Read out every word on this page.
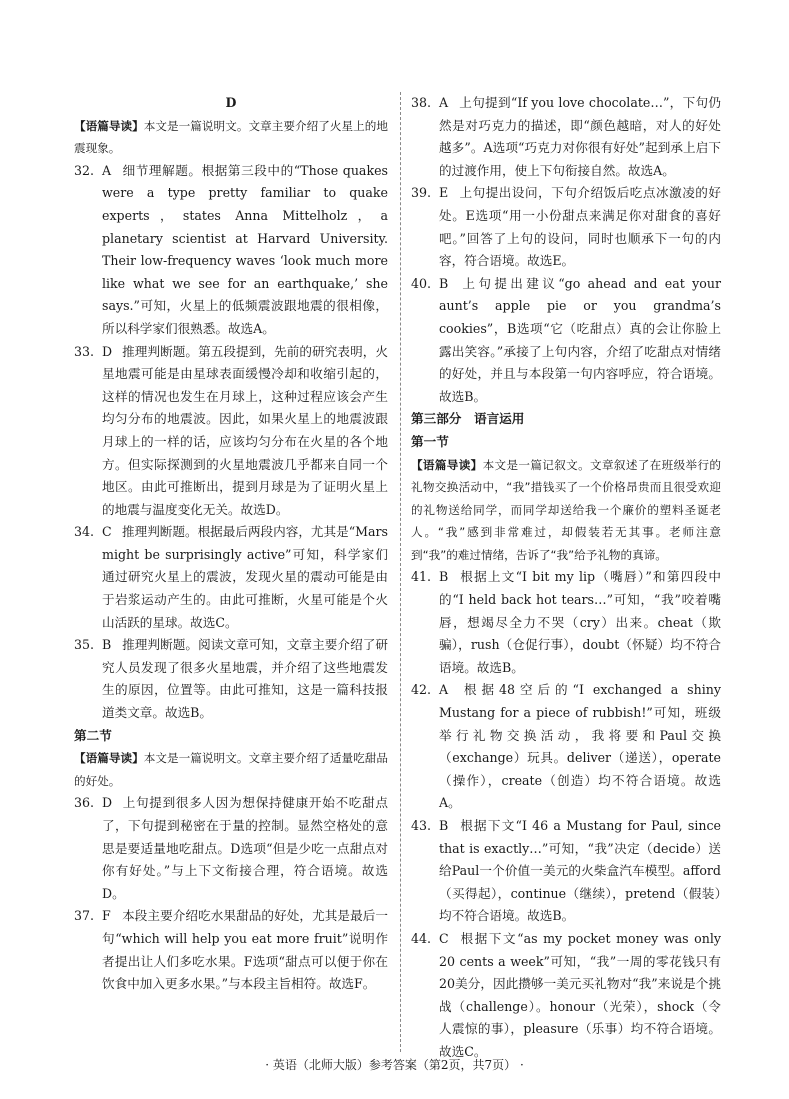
D

【语篇导读】本文是一篇说明文。文章主要介绍了火星上的地震现象。

32. A 细节理解题。根据第三段中的“Those quakes were a type pretty familiar to quake experts，states Anna Mittelholz，a planetary scientist at Harvard University. Their low-frequency waves ‘look much more like what we see for an earthquake,’ she says.”可知，火星上的低频震波跟地震的很相像，所以科学家们很熟悉。故选A。

33. D 推理判断题。第五段提到，先前的研究表明，火星地震可能是由星球表面缓慢冷却和收缩引起的，这样的情况也发生在月球上，这种过程应该会产生均匀分布的地震波。因此，如果火星上的地震波跟月球上的一样的话，应该均匀分布在火星的各个地方。但实际探测到的火星地震波几乎都来自同一个地区。由此可推断出，提到月球是为了证明火星上的地震与温度变化无关。故选D。

34. C 推理判断题。根据最后两段内容，尤其是“Mars might be surprisingly active”可知，科学家们通过研究火星上的震波，发现火星的震动可能是由于岩浆运动产生的。由此可推断，火星可能是个火山活跃的星球。故选C。

35. B 推理判断题。阅读文章可知，文章主要介绍了研究人员发现了很多火星地震，并介绍了这些地震发生的原因，位置等。由此可推知，这是一篇科技报道类文章。故选B。

第二节

【语篇导读】本文是一篇说明文。文章主要介绍了适量吃甜品的好处。

36. D 上句提到很多人因为想保持健康开始不吃甜点了，下句提到秘密在于量的控制。显然空格处的意思是要适量地吃甜点。D选项“但是少吃一点甜点对你有好处。”与上下文衔接合理，符合语境。故选D。

37. F 本段主要介绍吃水果甜品的好处，尤其是最后一句“which will help you eat more fruit”说明作者提出让人们多吃水果。F选项“甜点可以便于你在饮食中加入更多水果。”与本段主旨相符。故选F。

38. A 上句提到“If you love chocolate…”，下句仍然是对巧克力的描述，即“颜色越暗，对人的好处越多”。A选项“巧克力对你很有好处”起到承上启下的过渡作用，使上下句衔接自然。故选A。

39. E 上句提出设问，下句介绍饭后吃点冰激凌的好处。E选项“用一小份甜点来满足你对甜食的喜好吧。”回答了上句的设问，同时也顺承下一句的内容，符合语境。故选E。

40. B 上句提出建议“go ahead and eat your aunt’s apple pie or you grandma’s cookies”，B选项“它（吃甜点）真的会让你脸上露出笑容。”承接了上句内容，介绍了吃甜点对情绪的好处，并且与本段第一句内容呼应，符合语境。故选B。

第三部分　语言运用

第一节

【语篇导读】本文是一篇记叙文。文章叙述了在班级举行的礼物交换活动中，“我”措钱买了一个价格昂贵而且很受欢迎的礼物送给同学，而同学却送给我一个廉价的塑料圣诞老人。“我”感到非常难过，却假装若无其事。老师注意到“我”的难过情绪，告诉了“我”给予礼物的真谛。

41. B 根据上文“I bit my lip（嘴唇）”和第四段中的“I held back hot tears…”可知，“我”咬着嘴唇，想竭尽全力不哭（cry）出来。cheat（欺骗），rush（仓促行事），doubt（怀疑）均不符合语境。故选B。

42. A 根据48空后的“I exchanged a shiny Mustang for a piece of rubbish!”可知，班级举行礼物交换活动，我将要和Paul交换（exchange）玩具。deliver（递送），operate（操作），create（创造）均不符合语境。故选A。

43. B 根据下文“I 46 a Mustang for Paul, since that is exactly…”可知，“我”决定（decide）送给Paul一个价值一美元的火柴盒汽车模型。afford（买得起），continue（继续），pretend（假装）均不符合语境。故选B。

44. C 根据下文“as my pocket money was only 20 cents a week”可知，“我”一周的零花钱只有20美分，因此攒够一美元买礼物对“我”来说是个挑战（challenge）。honour（光荣），shock（令人震惊的事），pleasure（乐事）均不符合语境。故选C。

· 英语（北师大版）参考答案（第2页，共7页） ·
